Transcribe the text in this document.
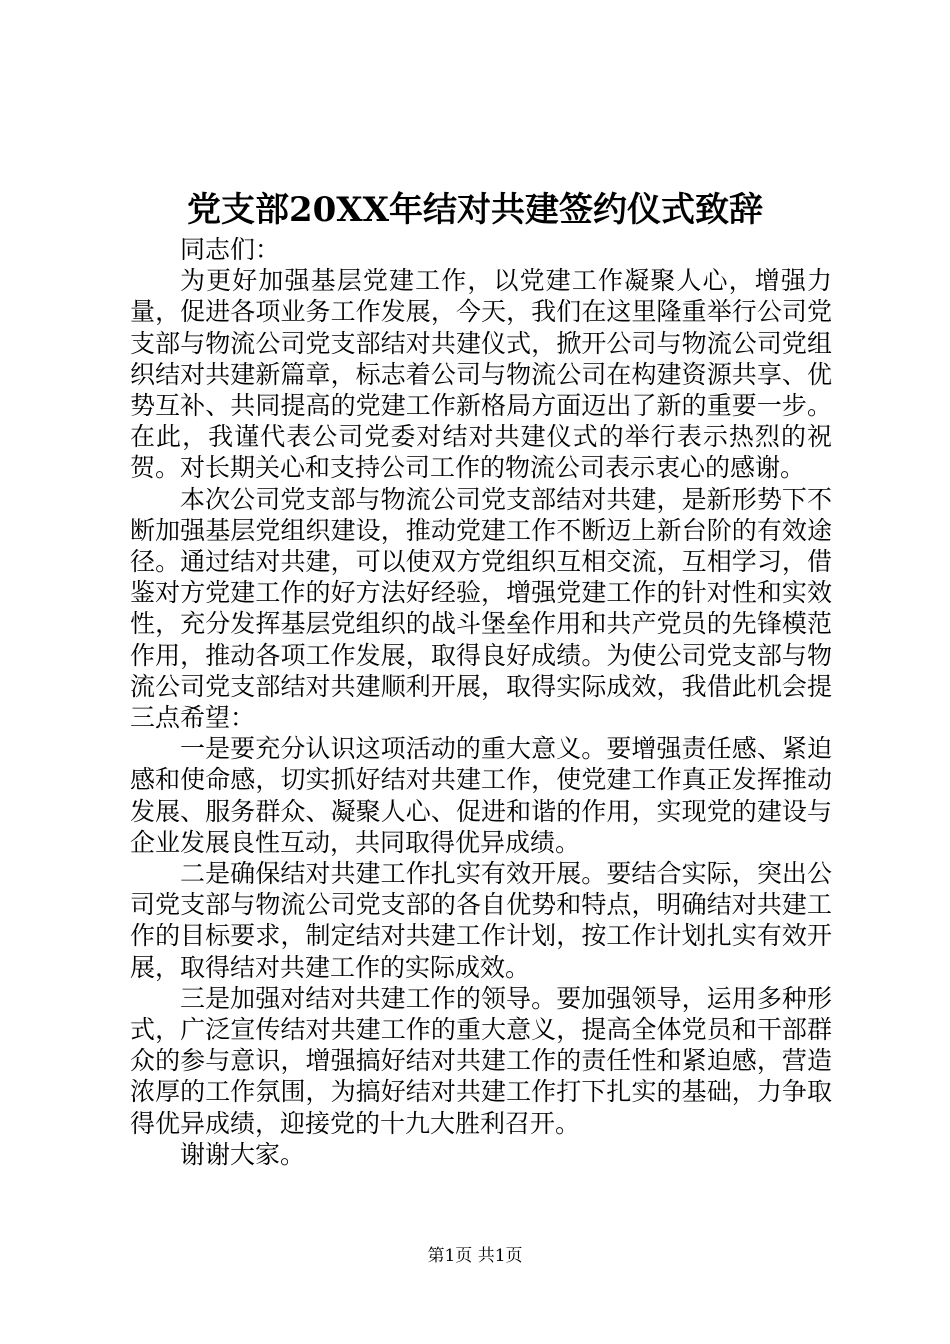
党支部20XX年结对共建签约仪式致辞

同志们：

为更好加强基层党建工作，以党建工作凝聚人心，增强力量，促进各项业务工作发展，今天，我们在这里隆重举行公司党支部与物流公司党支部结对共建仪式，掀开公司与物流公司党组织结对共建新篇章，标志着公司与物流公司在构建资源共享、优势互补、共同提高的党建工作新格局方面迈出了新的重要一步。在此，我谨代表公司党委对结对共建仪式的举行表示热烈的祝贺。对长期关心和支持公司工作的物流公司表示衷心的感谢。

本次公司党支部与物流公司党支部结对共建，是新形势下不断加强基层党组织建设，推动党建工作不断迈上新台阶的有效途径。通过结对共建，可以使双方党组织互相交流，互相学习，借鉴对方党建工作的好方法好经验，增强党建工作的针对性和实效性，充分发挥基层党组织的战斗堡垒作用和共产党员的先锋模范作用，推动各项工作发展，取得良好成绩。为使公司党支部与物流公司党支部结对共建顺利开展，取得实际成效，我借此机会提三点希望：

一是要充分认识这项活动的重大意义。要增强责任感、紧迫感和使命感，切实抓好结对共建工作，使党建工作真正发挥推动发展、服务群众、凝聚人心、促进和谐的作用，实现党的建设与企业发展良性互动，共同取得优异成绩。

二是确保结对共建工作扎实有效开展。要结合实际，突出公司党支部与物流公司党支部的各自优势和特点，明确结对共建工作的目标要求，制定结对共建工作计划，按工作计划扎实有效开展，取得结对共建工作的实际成效。

三是加强对结对共建工作的领导。要加强领导，运用多种形式，广泛宣传结对共建工作的重大意义，提高全体党员和干部群众的参与意识，增强搞好结对共建工作的责任性和紧迫感，营造浓厚的工作氛围，为搞好结对共建工作打下扎实的基础，力争取得优异成绩，迎接党的十九大胜利召开。

谢谢大家。

第1页 共1页
